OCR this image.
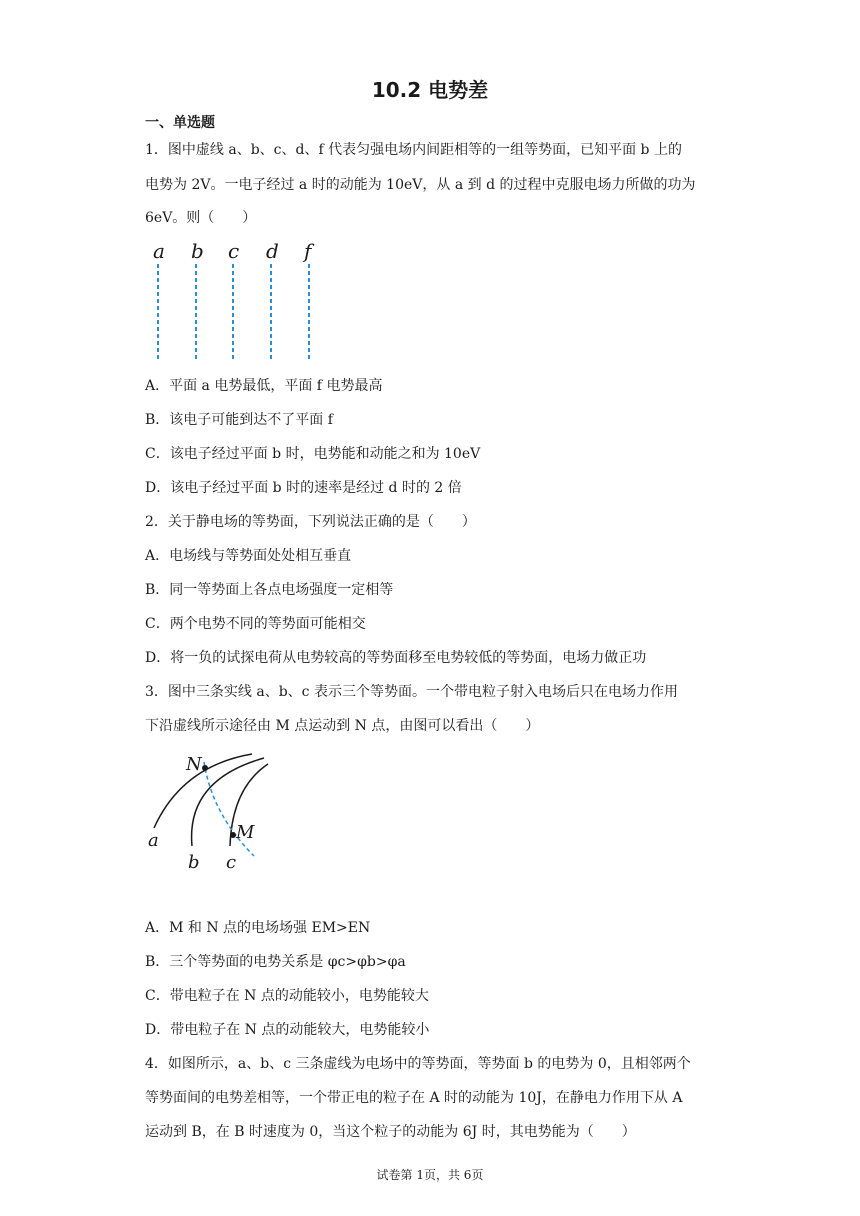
10.2 电势差
一、单选题
1．图中虚线 a、b、c、d、f 代表匀强电场内间距相等的一组等势面，已知平面 b 上的
电势为 2V。一电子经过 a 时的动能为 10eV，从 a 到 d 的过程中克服电场力所做的功为
6eV。则（　　）
a b c d f
A．平面 a 电势最低，平面 f 电势最高
B．该电子可能到达不了平面 f
C．该电子经过平面 b 时，电势能和动能之和为 10eV
D．该电子经过平面 b 时的速率是经过 d 时的 2 倍
2．关于静电场的等势面，下列说法正确的是（　　）
A．电场线与等势面处处相互垂直
B．同一等势面上各点电场强度一定相等
C．两个电势不同的等势面可能相交
D．将一负的试探电荷从电势较高的等势面移至电势较低的等势面，电场力做正功
3．图中三条实线 a、b、c 表示三个等势面。一个带电粒子射入电场后只在电场力作用
下沿虚线所示途径由 M 点运动到 N 点，由图可以看出（　　）
N
M
a
b c
A．M 和 N 点的电场场强 EM>EN
B．三个等势面的电势关系是 φc>φb>φa
C．带电粒子在 N 点的动能较小，电势能较大
D．带电粒子在 N 点的动能较大，电势能较小
4．如图所示，a、b、c 三条虚线为电场中的等势面，等势面 b 的电势为 0，且相邻两个
等势面间的电势差相等，一个带正电的粒子在 A 时的动能为 10J，在静电力作用下从 A
运动到 B，在 B 时速度为 0，当这个粒子的动能为 6J 时，其电势能为（　　）
试卷第 1页，共 6页
